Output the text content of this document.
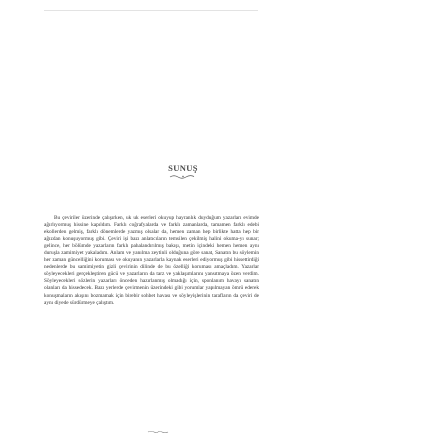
SUNUŞ

Bu çeviriler üzerinde çalışırken, uk uk eserleri okuyup hayranlık duyduğum yazarları evimde ağırlıyormuş hissine kapıldım. Farklı coğrafyalarda ve farklı zamanlarda, tamamen farklı edebi ekollerden gelmiş, farklı dönemlerde yazmış olsalar da, hemen zaman hep birlikte hatta hep bir ağızdan konuşuyormuş gibi. Çeviri işi bazı anlatıcıların temsilen çekilmiş halini okuma-yı sunar; gelince, her bölümde yazarların farklı pahalandırılmış bakışı, metin içindeki hemen hemen aynı duruşla zamimiyet yakaladım. Anlam ve yanılma zeytinli olduğuna göre sanat, Sanatın bu söylemin her zaman güncelliğini koruması ve okuyanın yazarlarla kaynak eserleri ediyormuş gibi hissettirdiği nedenlerde bu samimiyetin gizli çevirinin dilinde de bu özelliği koruması amaçladım. Yazarlar söyleyecekleri gerçekleştiren gücü ve yazarların da tarz ve yaklaşımlarını yansıtmaya özen verdim. Söyleyecekleri sözlerin yazarları önceden hazırlanmış olmadığı için, sponlanım havayı sanatın olanları da hissedecek. Bazı yerlerde çevirmenin üzerindeki gibi yorumlar yapılmayan ömrü ederek konuşmaların akışını bozmamak için birebir sohbet havası ve söyleyişlerinin tarafların da çeviri de aynı diyede sürdürmeye çalıştım.
